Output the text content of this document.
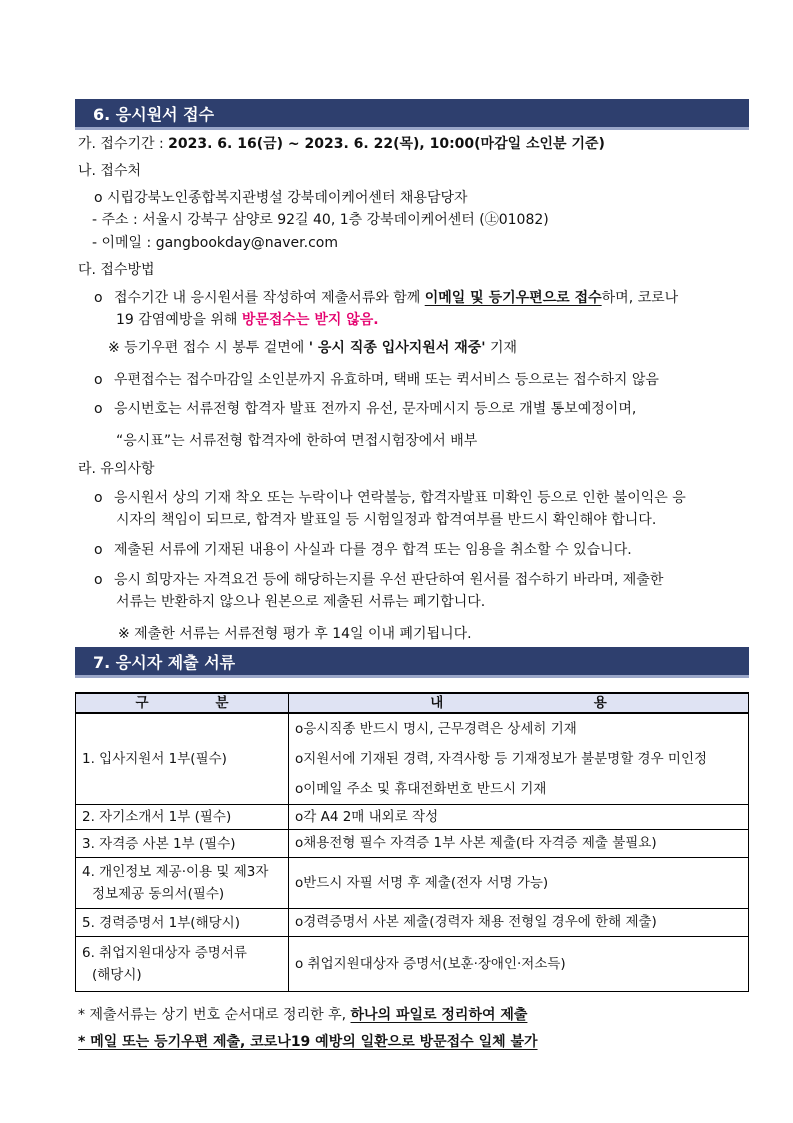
6. 응시원서 접수
가. 접수기간 : 2023. 6. 16(금) ~ 2023. 6. 22(목), 10:00(마감일 소인분 기준)
나. 접수처
o 시립강북노인종합복지관병설 강북데이케어센터 채용담당자
- 주소 : 서울시 강북구 삼양로 92길 40, 1층 강북데이케어센터 (㊤01082)
- 이메일 : gangbookday@naver.com
다. 접수방법
o 접수기간 내 응시원서를 작성하여 제출서류와 함께 이메일 및 등기우편으로 접수하며, 코로나
19 감염예방을 위해 방문접수는 받지 않음.
※ 등기우편 접수 시 봉투 겉면에 ' 응시 직종 입사지원서 재중' 기재
o 우편접수는 접수마감일 소인분까지 유효하며, 택배 또는 퀵서비스 등으로는 접수하지 않음
o 응시번호는 서류전형 합격자 발표 전까지 유선, 문자메시지 등으로 개별 통보예정이며,
“응시표”는 서류전형 합격자에 한하여 면접시험장에서 배부
라. 유의사항
o 응시원서 상의 기재 착오 또는 누락이나 연락불능, 합격자발표 미확인 등으로 인한 불이익은 응
시자의 책임이 되므로, 합격자 발표일 등 시험일정과 합격여부를 반드시 확인해야 합니다.
o 제출된 서류에 기재된 내용이 사실과 다를 경우 합격 또는 임용을 취소할 수 있습니다.
o 응시 희망자는 자격요건 등에 해당하는지를 우선 판단하여 원서를 접수하기 바라며, 제출한
서류는 반환하지 않으나 원본으로 제출된 서류는 폐기합니다.
※ 제출한 서류는 서류전형 평가 후 14일 이내 폐기됩니다.
7. 응시자 제출 서류
구 분	내 용

1. 입사지원서 1부(필수)	o응시직종 반드시 명시, 근무경력은 상세히 기재
o지원서에 기재된 경력, 자격사항 등 기재정보가 불분명할 경우 미인정
o이메일 주소 및 휴대전화번호 반드시 기재

2. 자기소개서 1부 (필수)	o각 A4 2매 내외로 작성
3. 자격증 사본 1부 (필수)	o채용전형 필수 자격증 1부 사본 제출(타 자격증 제출 불필요)

4. 개인정보 제공·이용 및 제3자
정보제공 동의서(필수)	o반드시 자필 서명 후 제출(전자 서명 가능)
5. 경력증명서 1부(해당시)	o경력증명서 사본 제출(경력자 채용 전형일 경우에 한해 제출)

6. 취업지원대상자 증명서류
(해당시)	o 취업지원대상자 증명서(보훈·장애인·저소득)
* 제출서류는 상기 번호 순서대로 정리한 후, 하나의 파일로 정리하여 제출
* 메일 또는 등기우편 제출, 코로나19 예방의 일환으로 방문접수 일체 불가
